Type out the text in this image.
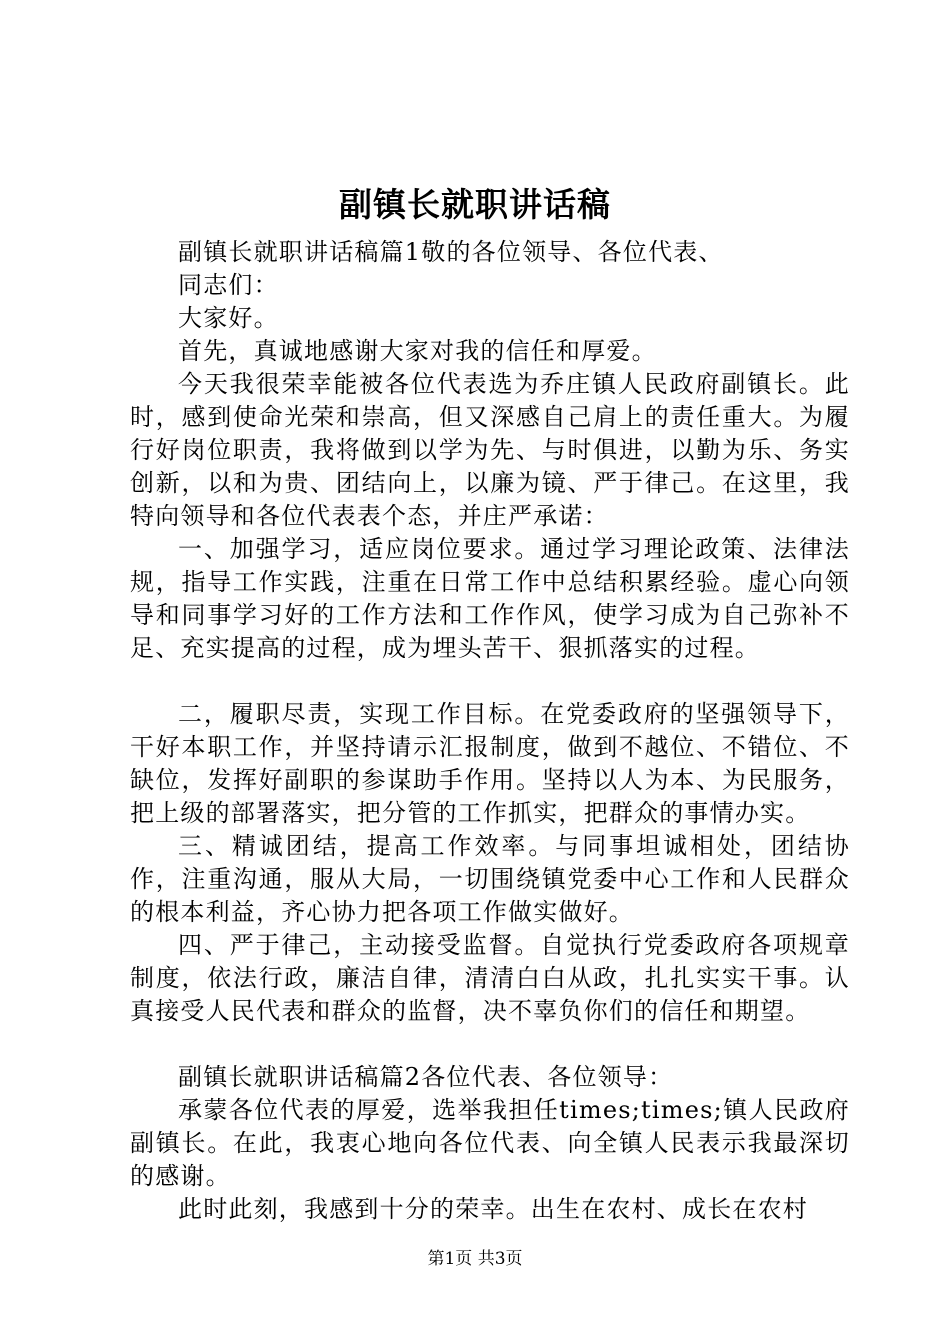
副镇长就职讲话稿

副镇长就职讲话稿篇1敬的各位领导、各位代表、

同志们：

大家好。

首先，真诚地感谢大家对我的信任和厚爱。

今天我很荣幸能被各位代表选为乔庄镇人民政府副镇长。此时，感到使命光荣和崇高，但又深感自己肩上的责任重大。为履行好岗位职责，我将做到以学为先、与时俱进，以勤为乐、务实创新，以和为贵、团结向上，以廉为镜、严于律己。在这里，我特向领导和各位代表表个态，并庄严承诺：

一、加强学习，适应岗位要求。通过学习理论政策、法律法规，指导工作实践，注重在日常工作中总结积累经验。虚心向领导和同事学习好的工作方法和工作作风，使学习成为自己弥补不足、充实提高的过程，成为埋头苦干、狠抓落实的过程。

二，履职尽责，实现工作目标。在党委政府的坚强领导下，干好本职工作，并坚持请示汇报制度，做到不越位、不错位、不缺位，发挥好副职的参谋助手作用。坚持以人为本、为民服务，把上级的部署落实，把分管的工作抓实，把群众的事情办实。

三、精诚团结，提高工作效率。与同事坦诚相处，团结协作，注重沟通，服从大局，一切围绕镇党委中心工作和人民群众的根本利益，齐心协力把各项工作做实做好。

四、严于律己，主动接受监督。自觉执行党委政府各项规章制度，依法行政，廉洁自律，清清白白从政，扎扎实实干事。认真接受人民代表和群众的监督，决不辜负你们的信任和期望。

副镇长就职讲话稿篇2各位代表、各位领导：

承蒙各位代表的厚爱，选举我担任times;times;镇人民政府副镇长。在此，我衷心地向各位代表、向全镇人民表示我最深切的感谢。

此时此刻，我感到十分的荣幸。出生在农村、成长在农村

第1页 共3页
